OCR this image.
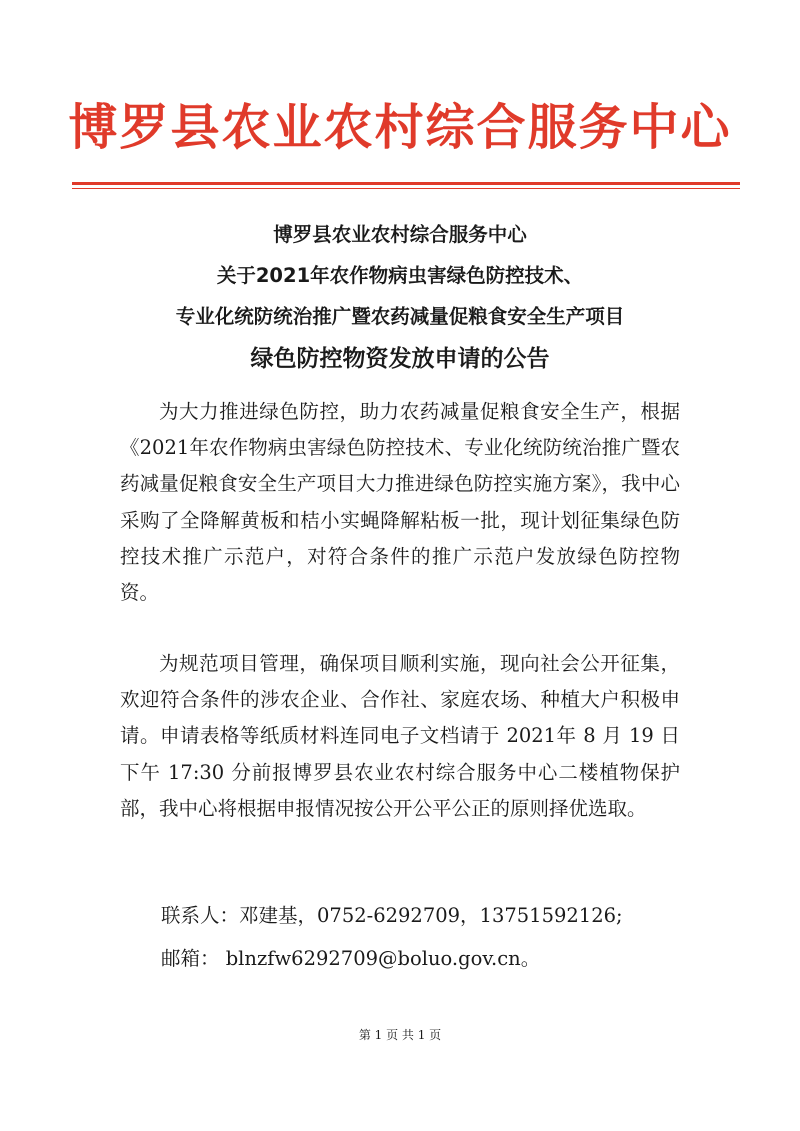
博罗县农业农村综合服务中心
博罗县农业农村综合服务中心
关于2021年农作物病虫害绿色防控技术、
专业化统防统治推广暨农药减量促粮食安全生产项目
绿色防控物资发放申请的公告

为大力推进绿色防控，助力农药减量促粮食安全生产，根据《2021年农作物病虫害绿色防控技术、专业化统防统治推广暨农药减量促粮食安全生产项目大力推进绿色防控实施方案》，我中心采购了全降解黄板和桔小实蝇降解粘板一批，现计划征集绿色防控技术推广示范户，对符合条件的推广示范户发放绿色防控物资。

为规范项目管理，确保项目顺利实施，现向社会公开征集，欢迎符合条件的涉农企业、合作社、家庭农场、种植大户积极申请。申请表格等纸质材料连同电子文档请于 2021年 8 月 19 日下午 17:30 分前报博罗县农业农村综合服务中心二楼植物保护部，我中心将根据申报情况按公开公平公正的原则择优选取。

联系人：邓建基，0752-6292709，13751592126;
邮箱： blnzfw6292709@boluo.gov.cn。
第 1 页 共 1 页
